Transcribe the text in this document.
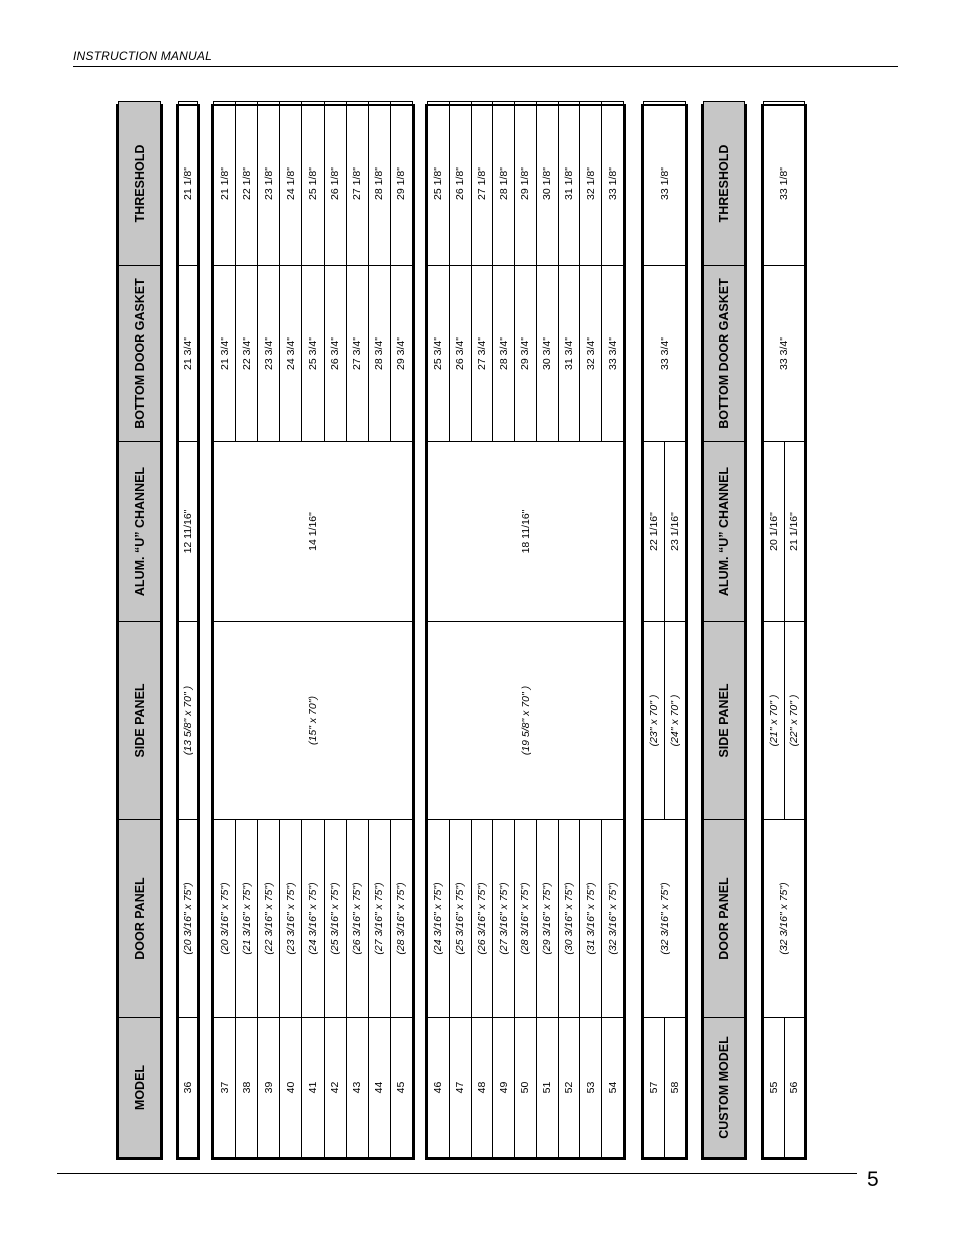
INSTRUCTION MANUAL
MODEL	DOOR PANEL	SIDE PANEL	ALUM. “U” CHANNEL	BOTTOM DOOR GASKET	THRESHOLD
36	(20 3/16" x 75")	(13 5/8" x 70" )	12 11/16"	21 3/4"	21 1/8"
37	(20 3/16" x 75")	(15" x 70")	14 1/16"	21 3/4"	21 1/8"
38	(21 3/16" x 75")			22 3/4"	22 1/8"
39	(22 3/16" x 75")			23 3/4"	23 1/8"
40	(23 3/16" x 75")			24 3/4"	24 1/8"
41	(24 3/16" x 75")			25 3/4"	25 1/8"
42	(25 3/16" x 75")			26 3/4"	26 1/8"
43	(26 3/16" x 75")			27 3/4"	27 1/8"
44	(27 3/16" x 75")			28 3/4"	28 1/8"
45	(28 3/16" x 75")			29 3/4"	29 1/8"
46	(24 3/16" x 75")	(19 5/8" x 70" )	18 11/16"	25 3/4"	25 1/8"
47	(25 3/16" x 75")			26 3/4"	26 1/8"
48	(26 3/16" x 75")			27 3/4"	27 1/8"
49	(27 3/16" x 75")			28 3/4"	28 1/8"
50	(28 3/16" x 75")			29 3/4"	29 1/8"
51	(29 3/16" x 75")			30 3/4"	30 1/8"
52	(30 3/16" x 75")			31 3/4"	31 1/8"
53	(31 3/16" x 75")			32 3/4"	32 1/8"
54	(32 3/16" x 75")			33 3/4"	33 1/8"
57	(32 3/16" x 75")	(23" x 70" )	22 1/16"	33 3/4"	33 1/8"
58		(24" x 70" )	23 1/16"		
CUSTOM MODEL	DOOR PANEL	SIDE PANEL	ALUM. “U” CHANNEL	BOTTOM DOOR GASKET	THRESHOLD
55	(32 3/16" x 75")	(21" x 70" )	20 1/16"	33 3/4"	33 1/8"
56		(22" x 70" )	21 1/16"		
5
